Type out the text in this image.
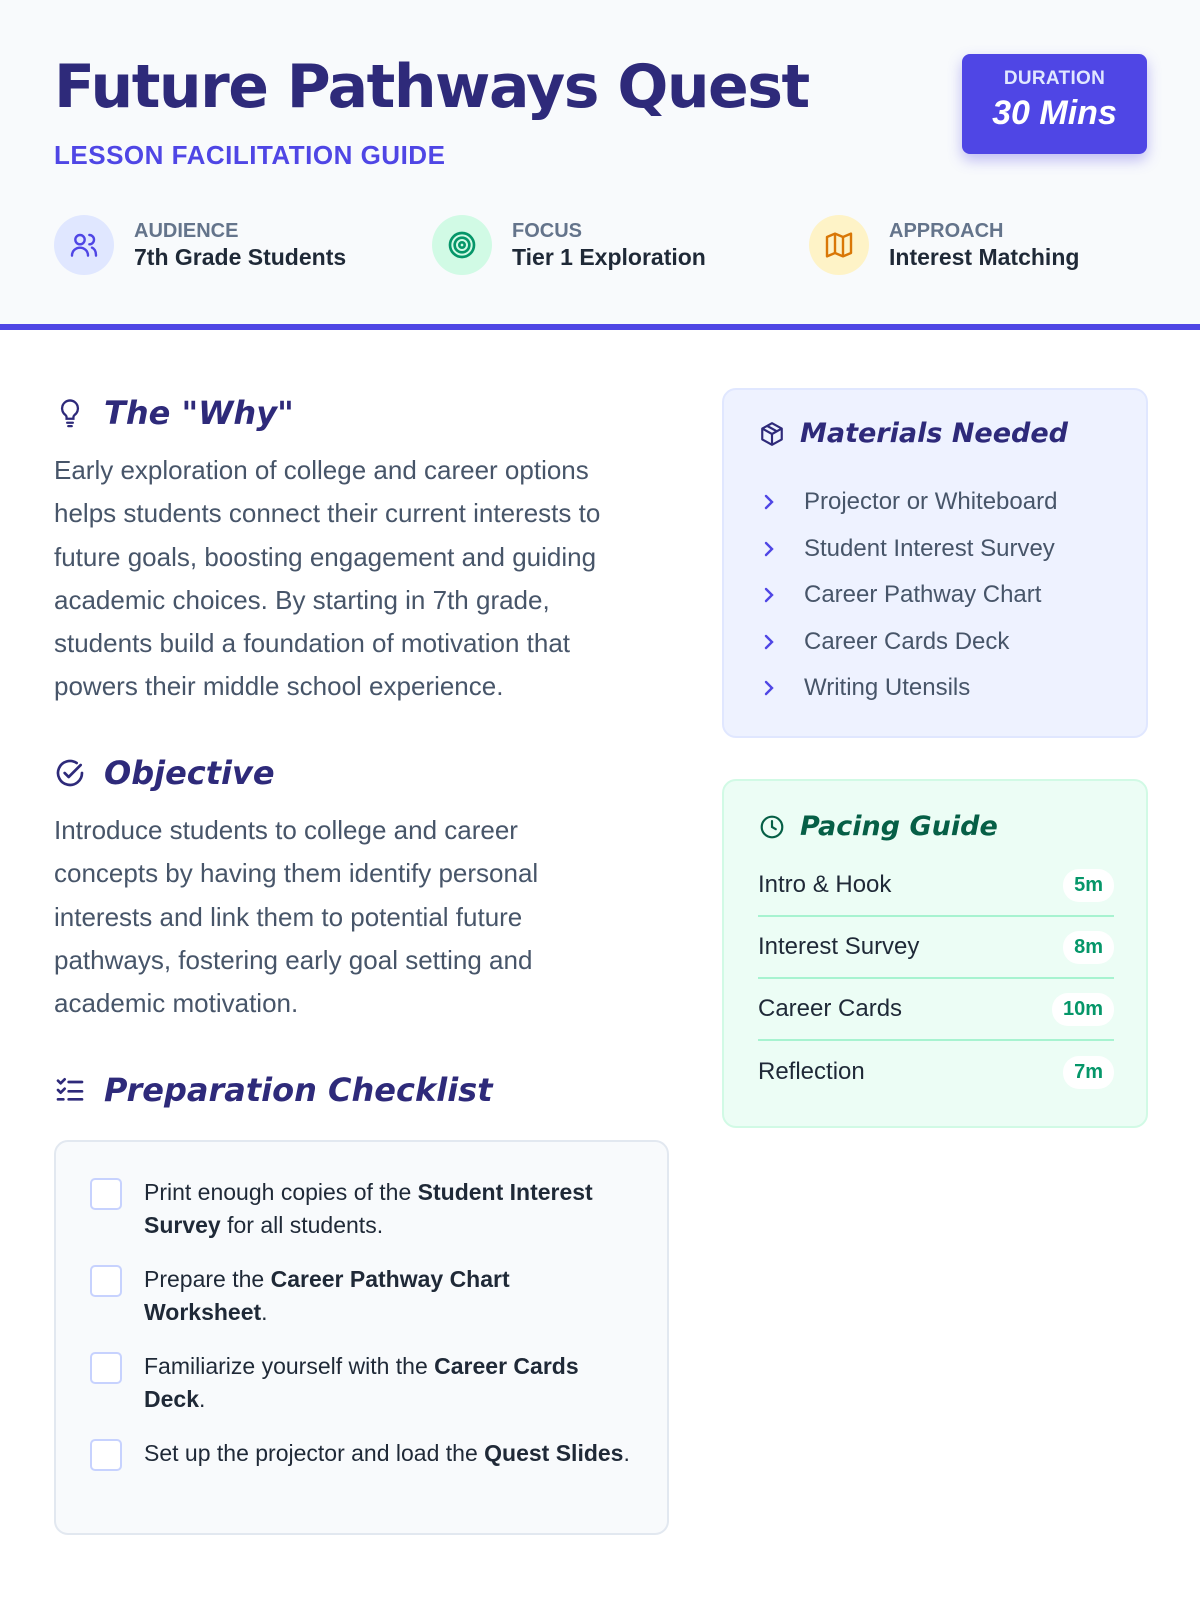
Future Pathways Quest
LESSON FACILITATION GUIDE
DURATION
30 Mins
AUDIENCE
7th Grade Students
FOCUS
Tier 1 Exploration
APPROACH
Interest Matching
The "Why"
Early exploration of college and career options
helps students connect their current interests to
future goals, boosting engagement and guiding
academic choices. By starting in 7th grade,
students build a foundation of motivation that
powers their middle school experience.
Objective
Introduce students to college and career
concepts by having them identify personal
interests and link them to potential future
pathways, fostering early goal setting and
academic motivation.
Preparation Checklist
Print enough copies of the Student Interest Survey for all students.
Prepare the Career Pathway Chart Worksheet.
Familiarize yourself with the Career Cards Deck.
Set up the projector and load the Quest Slides.
Materials Needed
Projector or Whiteboard
Student Interest Survey
Career Pathway Chart
Career Cards Deck
Writing Utensils
Pacing Guide
Intro & Hook	5m
Interest Survey	8m
Career Cards	10m
Reflection	7m
